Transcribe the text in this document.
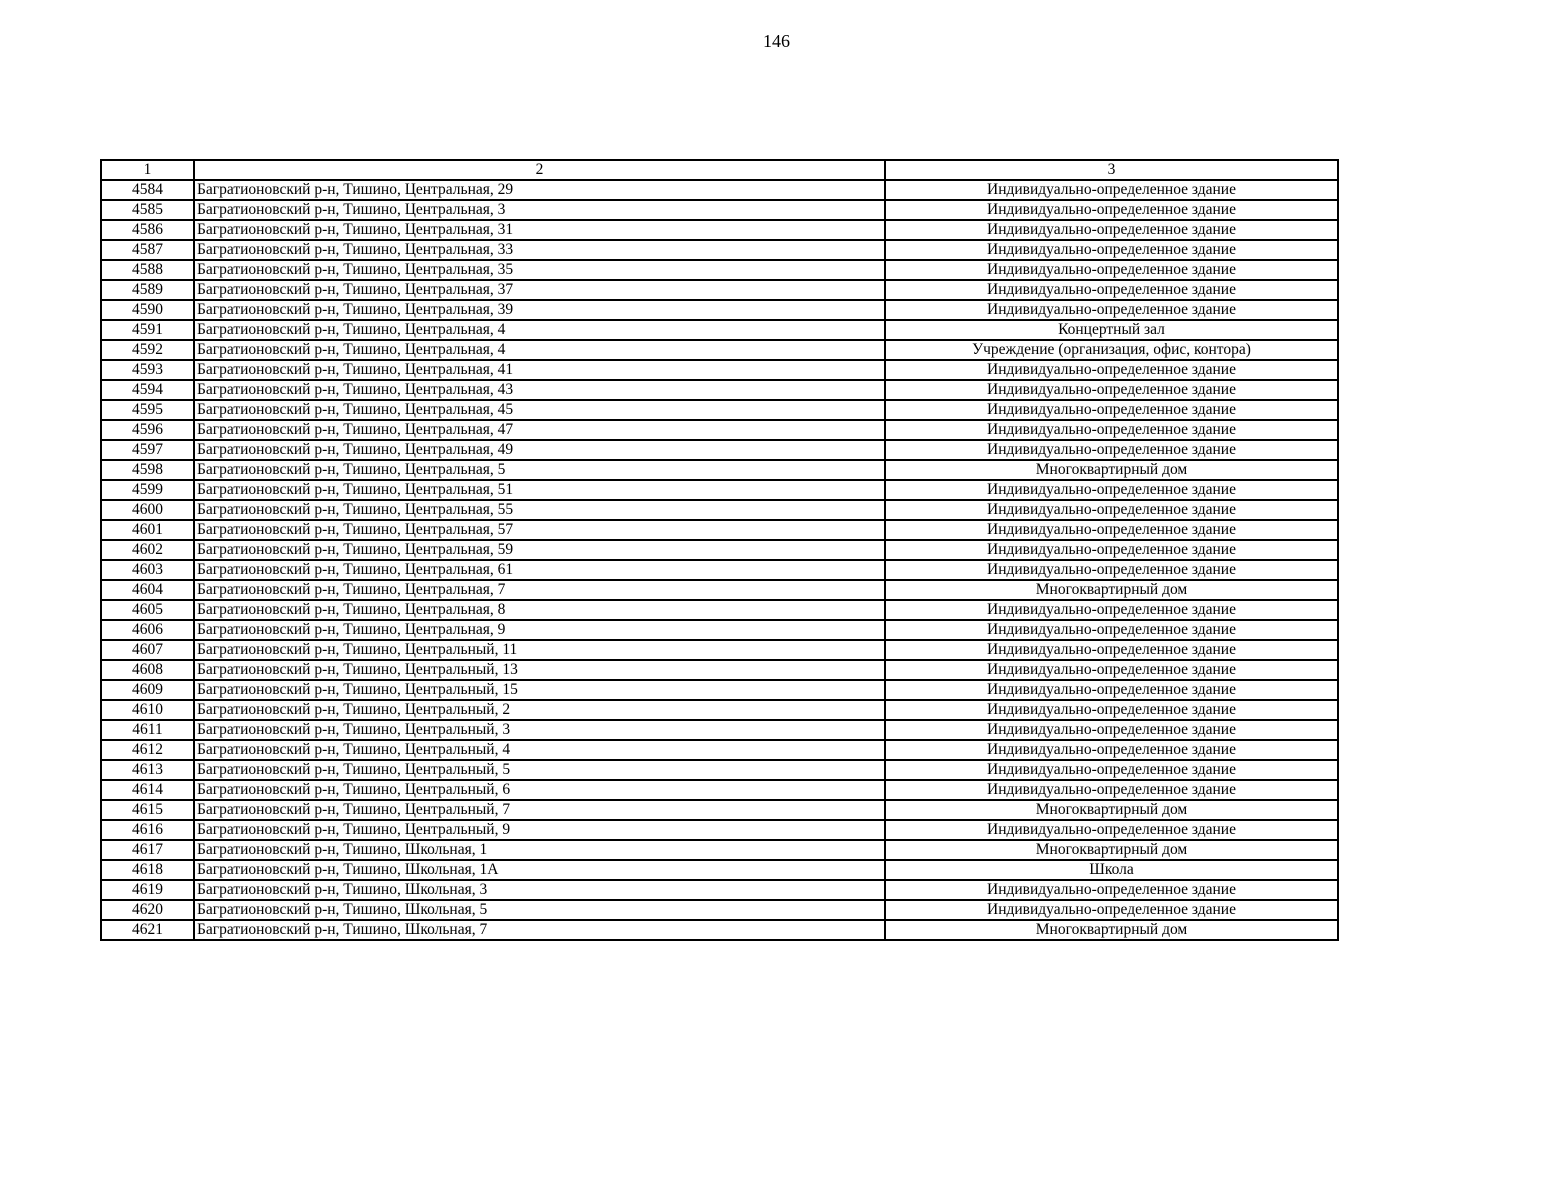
146
1	2	3
4584	Багратионовский р-н, Тишино, Центральная, 29	Индивидуально-определенное здание
4585	Багратионовский р-н, Тишино, Центральная, 3	Индивидуально-определенное здание
4586	Багратионовский р-н, Тишино, Центральная, 31	Индивидуально-определенное здание
4587	Багратионовский р-н, Тишино, Центральная, 33	Индивидуально-определенное здание
4588	Багратионовский р-н, Тишино, Центральная, 35	Индивидуально-определенное здание
4589	Багратионовский р-н, Тишино, Центральная, 37	Индивидуально-определенное здание
4590	Багратионовский р-н, Тишино, Центральная, 39	Индивидуально-определенное здание
4591	Багратионовский р-н, Тишино, Центральная, 4	Концертный зал
4592	Багратионовский р-н, Тишино, Центральная, 4	Учреждение (организация, офис, контора)
4593	Багратионовский р-н, Тишино, Центральная, 41	Индивидуально-определенное здание
4594	Багратионовский р-н, Тишино, Центральная, 43	Индивидуально-определенное здание
4595	Багратионовский р-н, Тишино, Центральная, 45	Индивидуально-определенное здание
4596	Багратионовский р-н, Тишино, Центральная, 47	Индивидуально-определенное здание
4597	Багратионовский р-н, Тишино, Центральная, 49	Индивидуально-определенное здание
4598	Багратионовский р-н, Тишино, Центральная, 5	Многоквартирный дом
4599	Багратионовский р-н, Тишино, Центральная, 51	Индивидуально-определенное здание
4600	Багратионовский р-н, Тишино, Центральная, 55	Индивидуально-определенное здание
4601	Багратионовский р-н, Тишино, Центральная, 57	Индивидуально-определенное здание
4602	Багратионовский р-н, Тишино, Центральная, 59	Индивидуально-определенное здание
4603	Багратионовский р-н, Тишино, Центральная, 61	Индивидуально-определенное здание
4604	Багратионовский р-н, Тишино, Центральная, 7	Многоквартирный дом
4605	Багратионовский р-н, Тишино, Центральная, 8	Индивидуально-определенное здание
4606	Багратионовский р-н, Тишино, Центральная, 9	Индивидуально-определенное здание
4607	Багратионовский р-н, Тишино, Центральный, 11	Индивидуально-определенное здание
4608	Багратионовский р-н, Тишино, Центральный, 13	Индивидуально-определенное здание
4609	Багратионовский р-н, Тишино, Центральный, 15	Индивидуально-определенное здание
4610	Багратионовский р-н, Тишино, Центральный, 2	Индивидуально-определенное здание
4611	Багратионовский р-н, Тишино, Центральный, 3	Индивидуально-определенное здание
4612	Багратионовский р-н, Тишино, Центральный, 4	Индивидуально-определенное здание
4613	Багратионовский р-н, Тишино, Центральный, 5	Индивидуально-определенное здание
4614	Багратионовский р-н, Тишино, Центральный, 6	Индивидуально-определенное здание
4615	Багратионовский р-н, Тишино, Центральный, 7	Многоквартирный дом
4616	Багратионовский р-н, Тишино, Центральный, 9	Индивидуально-определенное здание
4617	Багратионовский р-н, Тишино, Школьная, 1	Многоквартирный дом
4618	Багратионовский р-н, Тишино, Школьная, 1А	Школа
4619	Багратионовский р-н, Тишино, Школьная, 3	Индивидуально-определенное здание
4620	Багратионовский р-н, Тишино, Школьная, 5	Индивидуально-определенное здание
4621	Багратионовский р-н, Тишино, Школьная, 7	Многоквартирный дом
